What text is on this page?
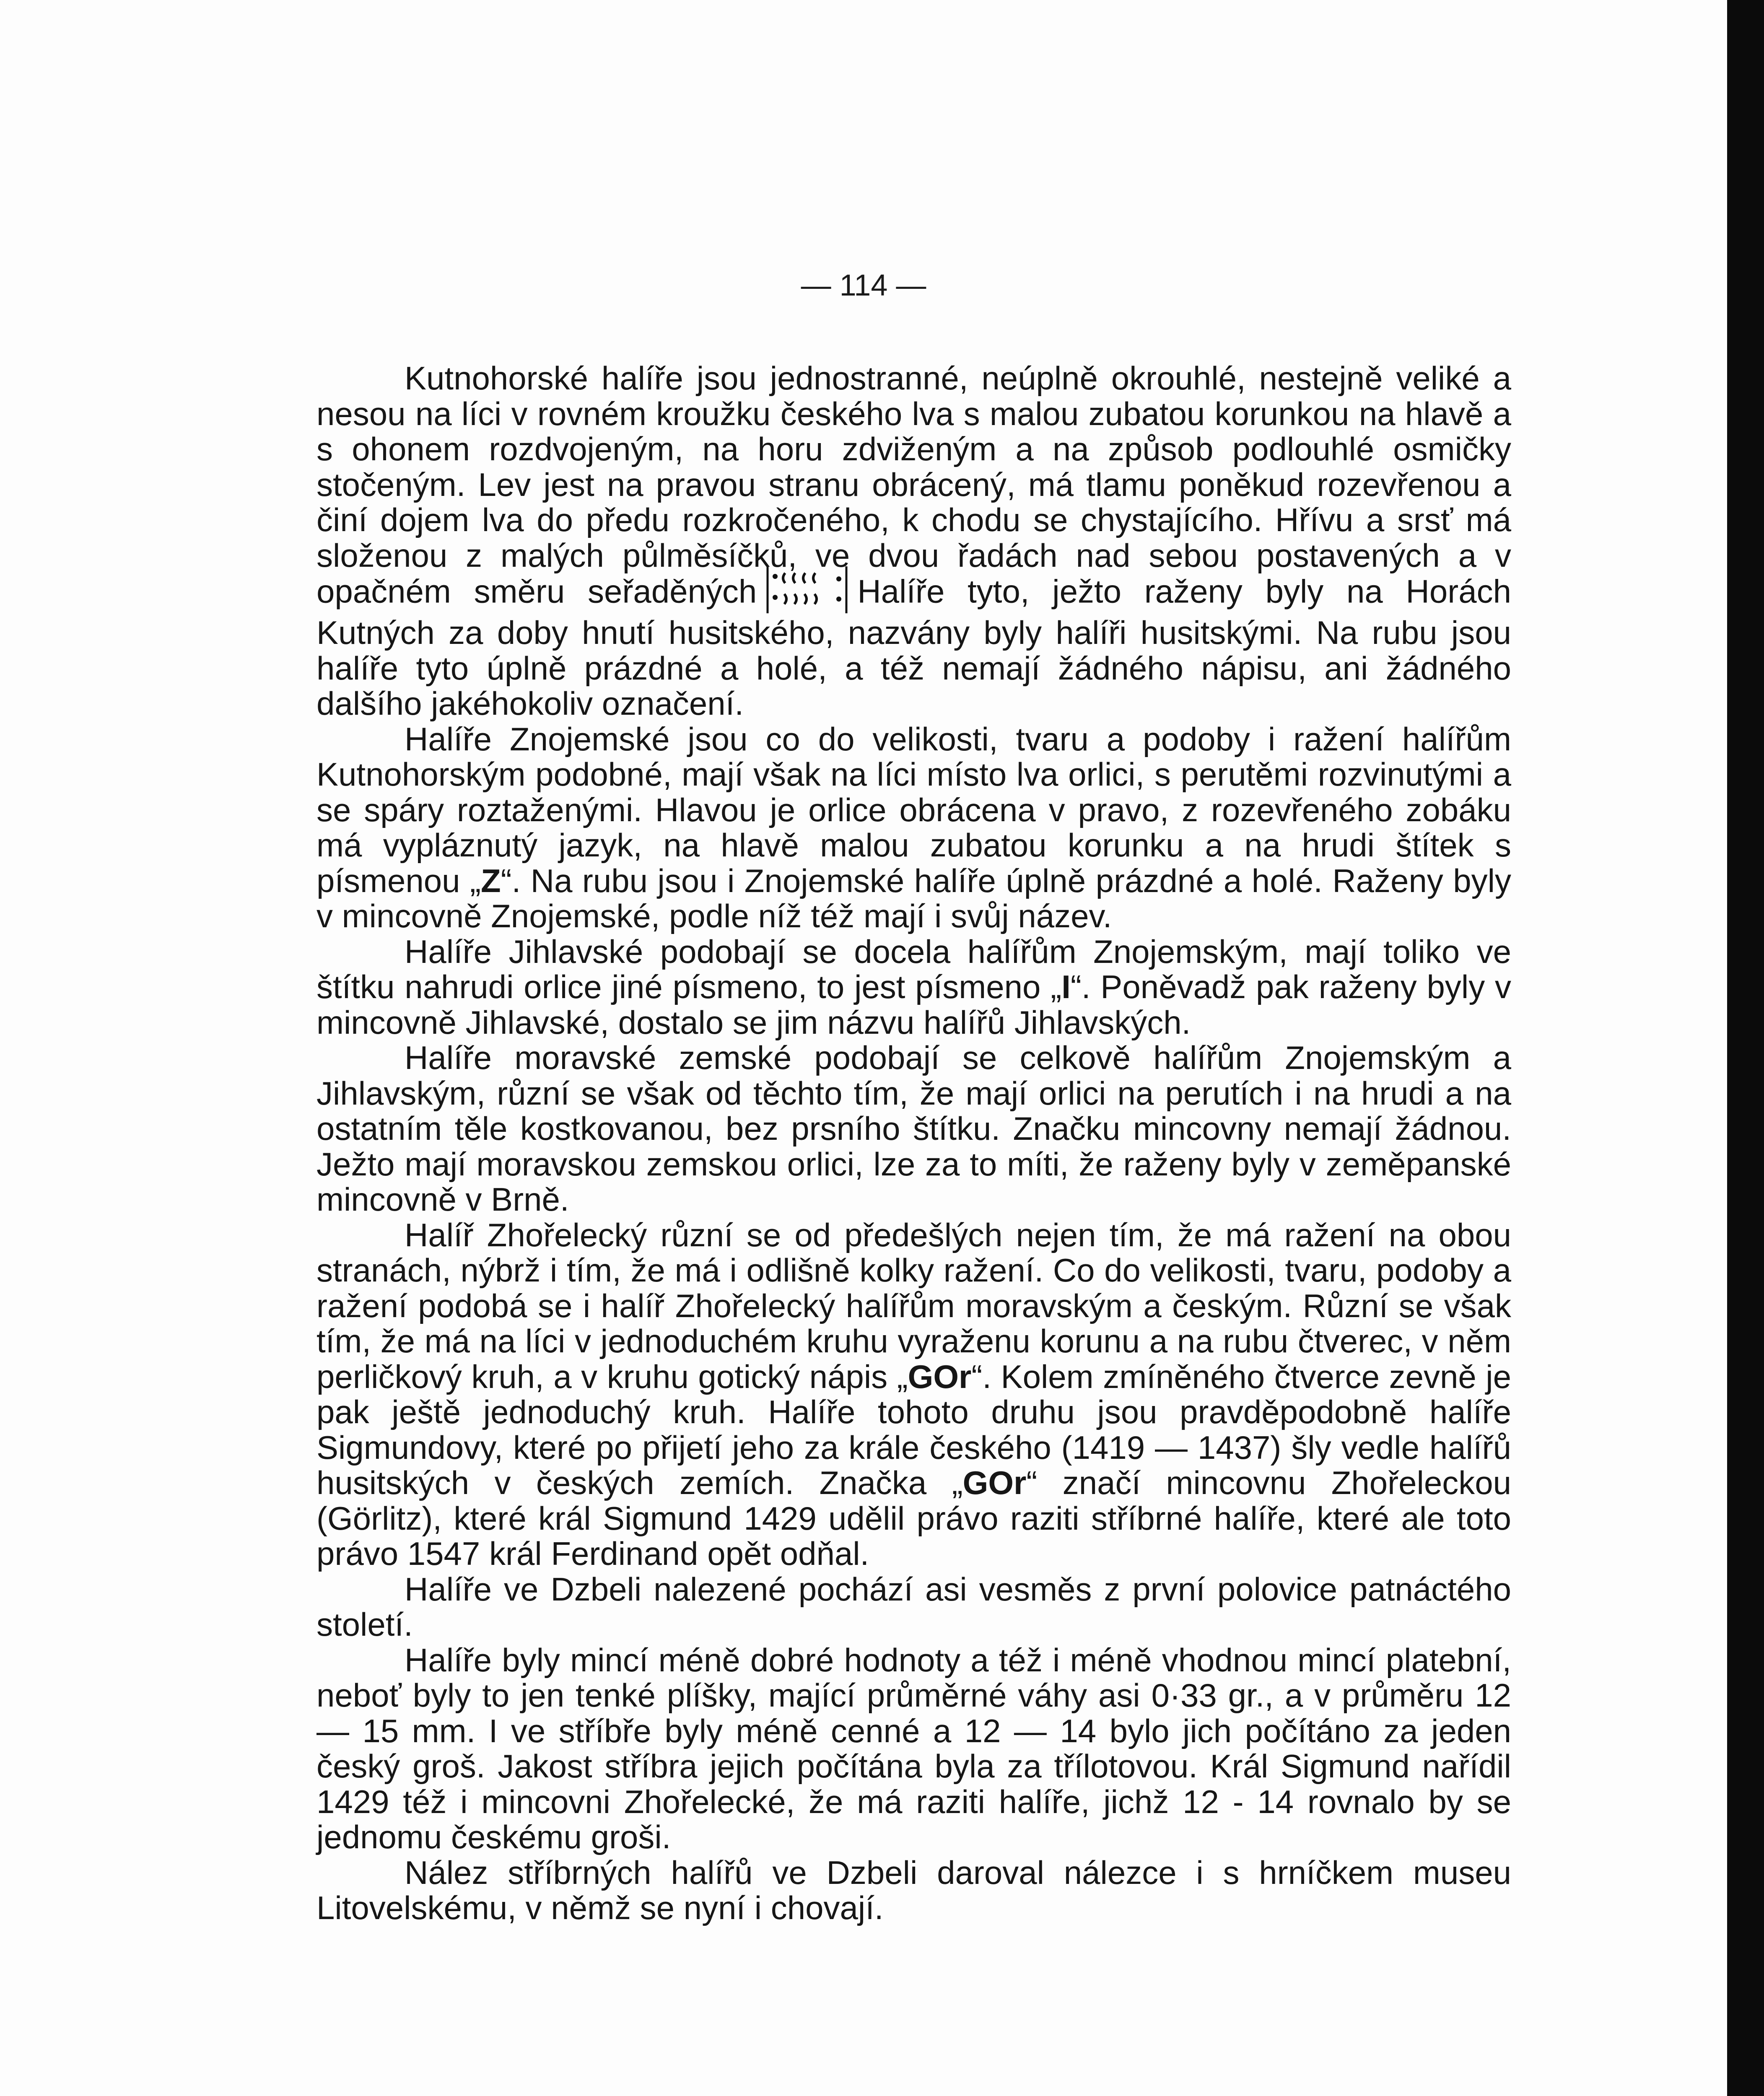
— 114 —

Kutnohorské halíře jsou jednostranné, neúplně okrouhlé, nestejně veliké a nesou na líci v rovném kroužku českého lva s malou zubatou korunkou na hlavě a s ohonem rozdvojeným, na horu zdviženým a na způsob podlouhlé osmičky stočeným. Lev jest na pravou stranu obrácený, má tlamu poněkud rozevřenou a činí dojem lva do předu rozkročeného, k chodu se chystajícího. Hřívu a srsť má složenou z malých půlměsíčků, ve dvou řadách nad sebou postavených a v opačném směru seřaděných	Halíře tyto, ježto raženy byly na Horách Kutných za doby hnutí husitského, nazvány byly halíři husitskými. Na rubu jsou halíře tyto úplně prázdné a holé, a též nemají žádného nápisu, ani žádného dalšího jakéhokoliv označení.

Halíře Znojemské jsou co do velikosti, tvaru a podoby i ražení halířům Kutnohorským podobné, mají však na líci místo lva orlici, s perutěmi rozvinutými a se spáry roztaženými. Hlavou je orlice obrácena v pravo, z rozevřeného zobáku má vypláznutý jazyk, na hlavě malou zubatou korunku a na hrudi štítek s písmenou „Z“. Na rubu jsou i Znojemské halíře úplně prázdné a holé. Raženy byly v mincovně Znojemské, podle níž též mají i svůj název.

Halíře Jihlavské podobají se docela halířům Znojemským, mají toliko ve štítku nahrudi orlice jiné písmeno, to jest písmeno „I“. Poněvadž pak raženy byly v mincovně Jihlavské, dostalo se jim názvu halířů Jihlavských.

Halíře moravské zemské podobají se celkově halířům Znojemským a Jihlavským, různí se však od těchto tím, že mají orlici na perutích i na hrudi a na ostatním těle kostkovanou, bez prsního štítku. Značku mincovny nemají žádnou. Ježto mají moravskou zemskou orlici, lze za to míti, že raženy byly v zeměpanské mincovně v Brně.

Halíř Zhořelecký různí se od předešlých nejen tím, že má ražení na obou stranách, nýbrž i tím, že má i odlišně kolky ražení. Co do velikosti, tvaru, podoby a ražení podobá se i halíř Zhořelecký halířům moravským a českým. Různí se však tím, že má na líci v jednoduchém kruhu vyraženu korunu a na rubu čtverec, v něm perličkový kruh, a v kruhu gotický nápis „GOr“. Kolem zmíněného čtverce zevně je pak ještě jednoduchý kruh. Halíře tohoto druhu jsou pravděpodobně halíře Sigmundovy, které po přijetí jeho za krále českého (1419 — 1437) šly vedle halířů husitských v českých zemích. Značka „GOr“ značí mincovnu Zhořeleckou (Görlitz), které král Sigmund 1429 udělil právo raziti stříbrné halíře, které ale toto právo 1547 král Ferdinand opět odňal.

Halíře ve Dzbeli nalezené pochází asi vesměs z první polovice patnáctého století.

Halíře byly mincí méně dobré hodnoty a též i méně vhodnou mincí platební, neboť byly to jen tenké plíšky, mající průměrné váhy asi 0·33 gr., a v průměru 12 — 15 mm. I ve stříbře byly méně cenné a 12 — 14 bylo jich počítáno za jeden český groš. Jakost stříbra jejich počítána byla za třílotovou. Král Sigmund nařídil 1429 též i mincovni Zhořelecké, že má raziti halíře, jichž 12 - 14 rovnalo by se jednomu českému groši.

Nález stříbrných halířů ve Dzbeli daroval nálezce i s hrníčkem museu Litovelskému, v němž se nyní i chovají.
